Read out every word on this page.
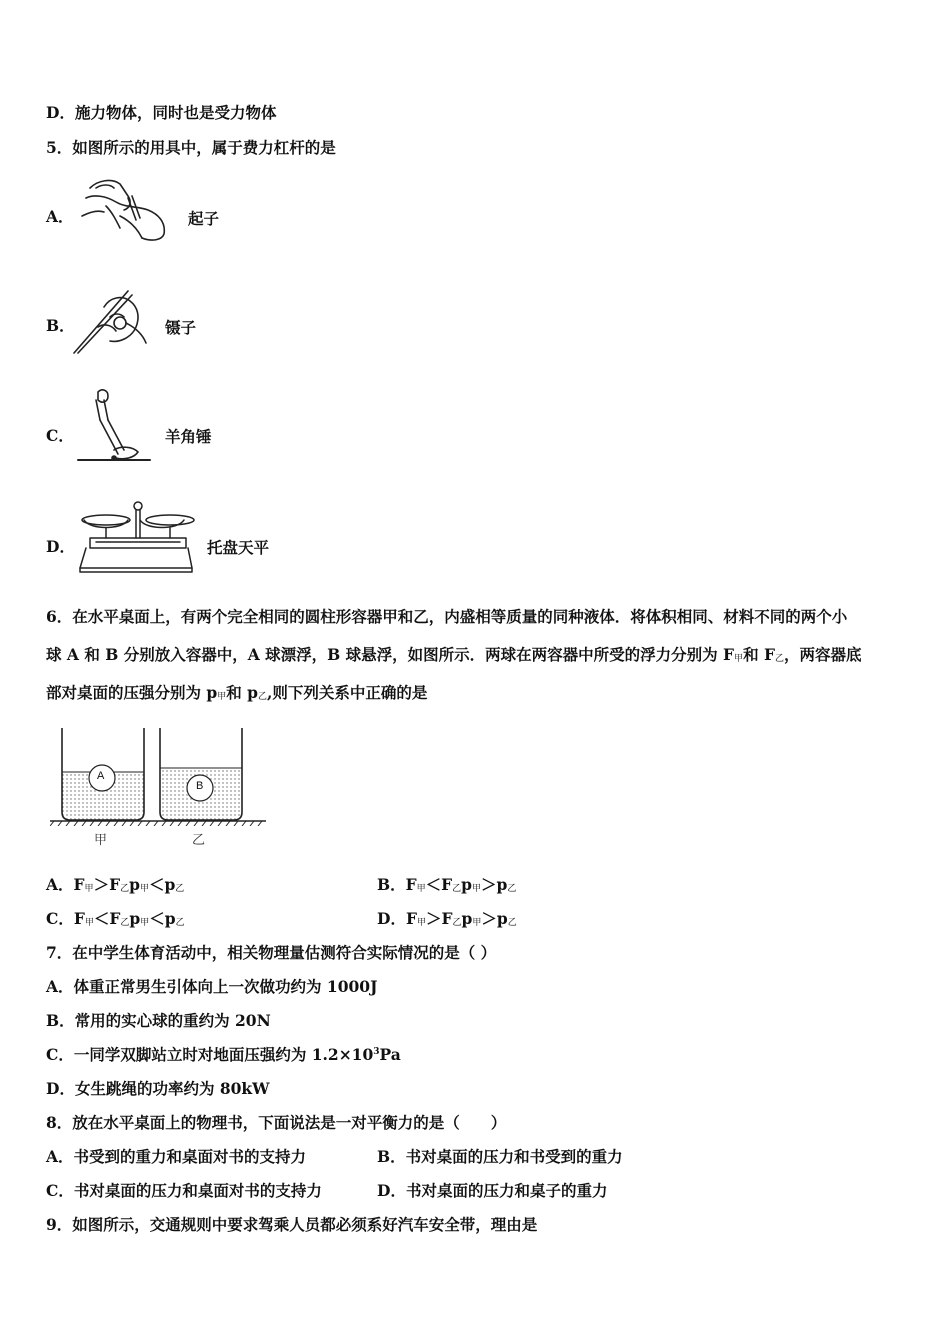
D．施力物体，同时也是受力物体
5．如图所示的用具中，属于费力杠杆的是
A．	起子
B．	镊子
C．	羊角锤
D．	托盘天平
6．在水平桌面上，有两个完全相同的圆柱形容器甲和乙，内盛相等质量的同种液体．将体积相同、材料不同的两个小
球 A 和 B 分别放入容器中，A 球漂浮，B 球悬浮，如图所示．两球在两容器中所受的浮力分别为 $F_甲$和 $F_乙$，两容器底
部对桌面的压强分别为 $p_甲$和 $p_乙$,则下列关系中正确的是
A
B
甲	乙
A．$F_甲>F_乙p_甲<p_乙$	B．$F_甲<F_乙p_甲>p_乙$
C．$F_甲<F_乙p_甲<p_乙$	D．$F_甲>F_乙p_甲>p_乙$
7．在中学生体育活动中，相关物理量估测符合实际情况的是（ ）
A．体重正常男生引体向上一次做功约为 1000J
B．常用的实心球的重约为 20N
C．一同学双脚站立时对地面压强约为 $1.2\times 10^3Pa$
D．女生跳绳的功率约为 80kW
8．放在水平桌面上的物理书，下面说法是一对平衡力的是（　　）
A．书受到的重力和桌面对书的支持力	B．书对桌面的压力和书受到的重力
C．书对桌面的压力和桌面对书的支持力	D．书对桌面的压力和桌子的重力
9．如图所示，交通规则中要求驾乘人员都必须系好汽车安全带，理由是
